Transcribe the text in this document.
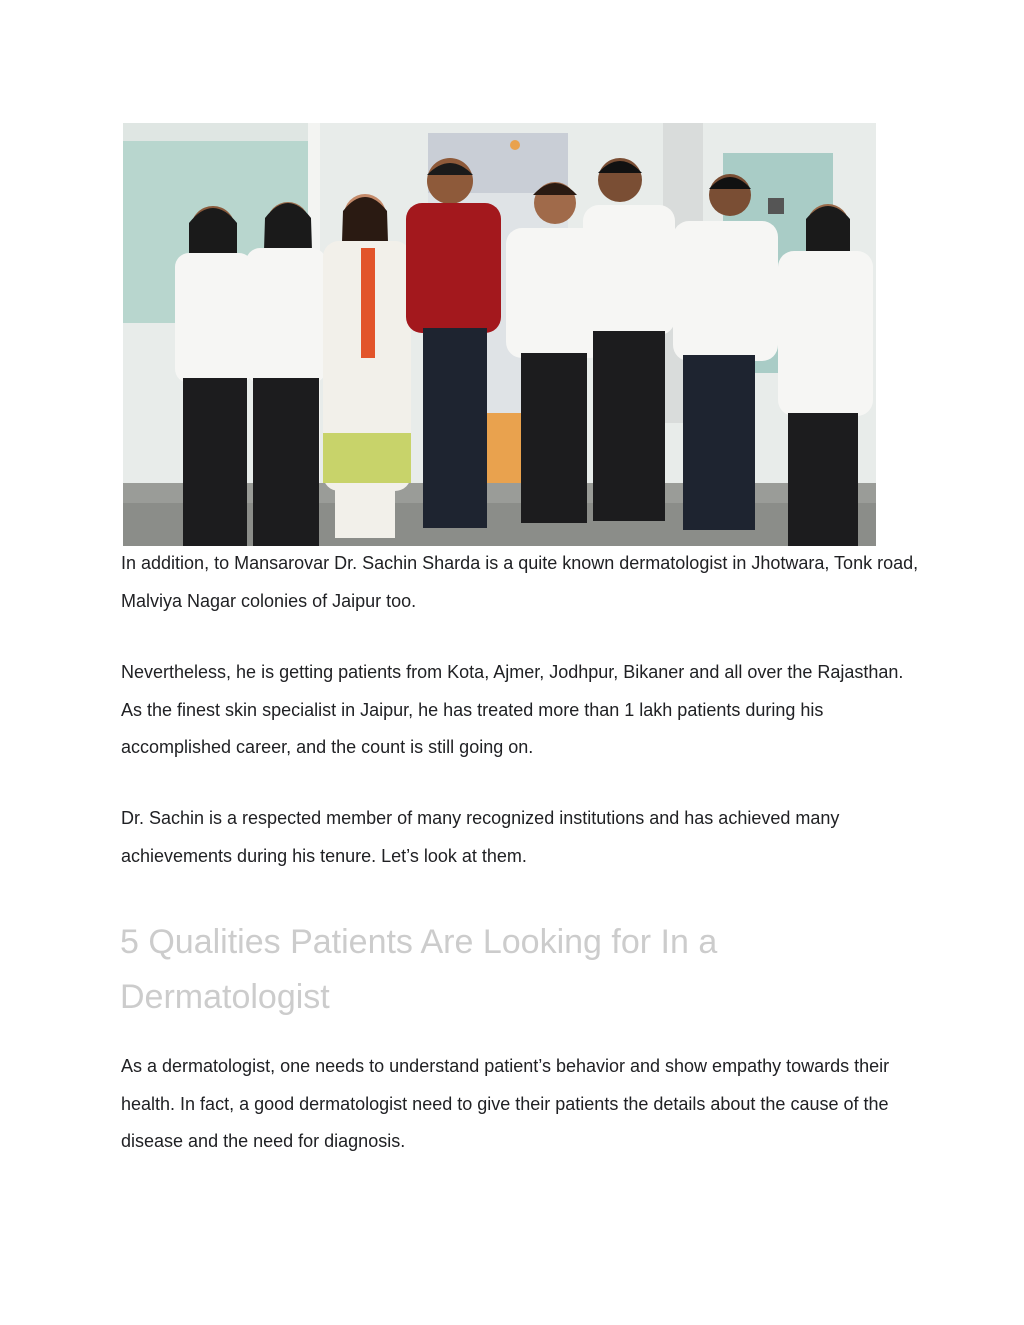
In addition, to Mansarovar Dr. Sachin Sharda is a quite known dermatologist in Jhotwara, Tonk road, Malviya Nagar colonies of Jaipur too.

Nevertheless, he is getting patients from Kota, Ajmer, Jodhpur, Bikaner and all over the Rajasthan. As the finest skin specialist in Jaipur, he has treated more than 1 lakh patients during his accomplished career, and the count is still going on.

Dr. Sachin is a respected member of many recognized institutions and has achieved many achievements during his tenure. Let’s look at them.

5 Qualities Patients Are Looking for In a Dermatologist

As a dermatologist, one needs to understand patient’s behavior and show empathy towards their health. In fact, a good dermatologist need to give their patients the details about the cause of the disease and the need for diagnosis.
